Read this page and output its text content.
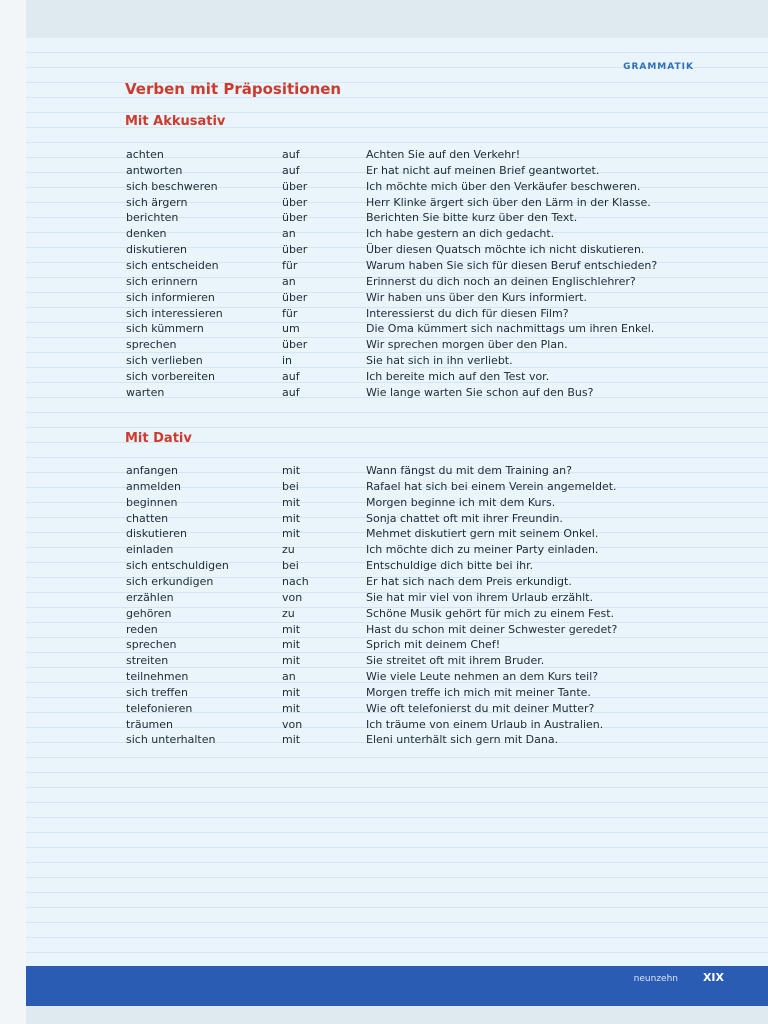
GRAMMATIK
Verben mit Präpositionen
Mit Akkusativ
achten	auf	Achten Sie auf den Verkehr!
antworten	auf	Er hat nicht auf meinen Brief geantwortet.
sich beschweren	über	Ich möchte mich über den Verkäufer beschweren.
sich ärgern	über	Herr Klinke ärgert sich über den Lärm in der Klasse.
berichten	über	Berichten Sie bitte kurz über den Text.
denken	an	Ich habe gestern an dich gedacht.
diskutieren	über	Über diesen Quatsch möchte ich nicht diskutieren.
sich entscheiden	für	Warum haben Sie sich für diesen Beruf entschieden?
sich erinnern	an	Erinnerst du dich noch an deinen Englischlehrer?
sich informieren	über	Wir haben uns über den Kurs informiert.
sich interessieren	für	Interessierst du dich für diesen Film?
sich kümmern	um	Die Oma kümmert sich nachmittags um ihren Enkel.
sprechen	über	Wir sprechen morgen über den Plan.
sich verlieben	in	Sie hat sich in ihn verliebt.
sich vorbereiten	auf	Ich bereite mich auf den Test vor.
warten	auf	Wie lange warten Sie schon auf den Bus?
Mit Dativ
anfangen	mit	Wann fängst du mit dem Training an?
anmelden	bei	Rafael hat sich bei einem Verein angemeldet.
beginnen	mit	Morgen beginne ich mit dem Kurs.
chatten	mit	Sonja chattet oft mit ihrer Freundin.
diskutieren	mit	Mehmet diskutiert gern mit seinem Onkel.
einladen	zu	Ich möchte dich zu meiner Party einladen.
sich entschuldigen	bei	Entschuldige dich bitte bei ihr.
sich erkundigen	nach	Er hat sich nach dem Preis erkundigt.
erzählen	von	Sie hat mir viel von ihrem Urlaub erzählt.
gehören	zu	Schöne Musik gehört für mich zu einem Fest.
reden	mit	Hast du schon mit deiner Schwester geredet?
sprechen	mit	Sprich mit deinem Chef!
streiten	mit	Sie streitet oft mit ihrem Bruder.
teilnehmen	an	Wie viele Leute nehmen an dem Kurs teil?
sich treffen	mit	Morgen treffe ich mich mit meiner Tante.
telefonieren	mit	Wie oft telefonierst du mit deiner Mutter?
träumen	von	Ich träume von einem Urlaub in Australien.
sich unterhalten	mit	Eleni unterhält sich gern mit Dana.
neunzehn XIX
